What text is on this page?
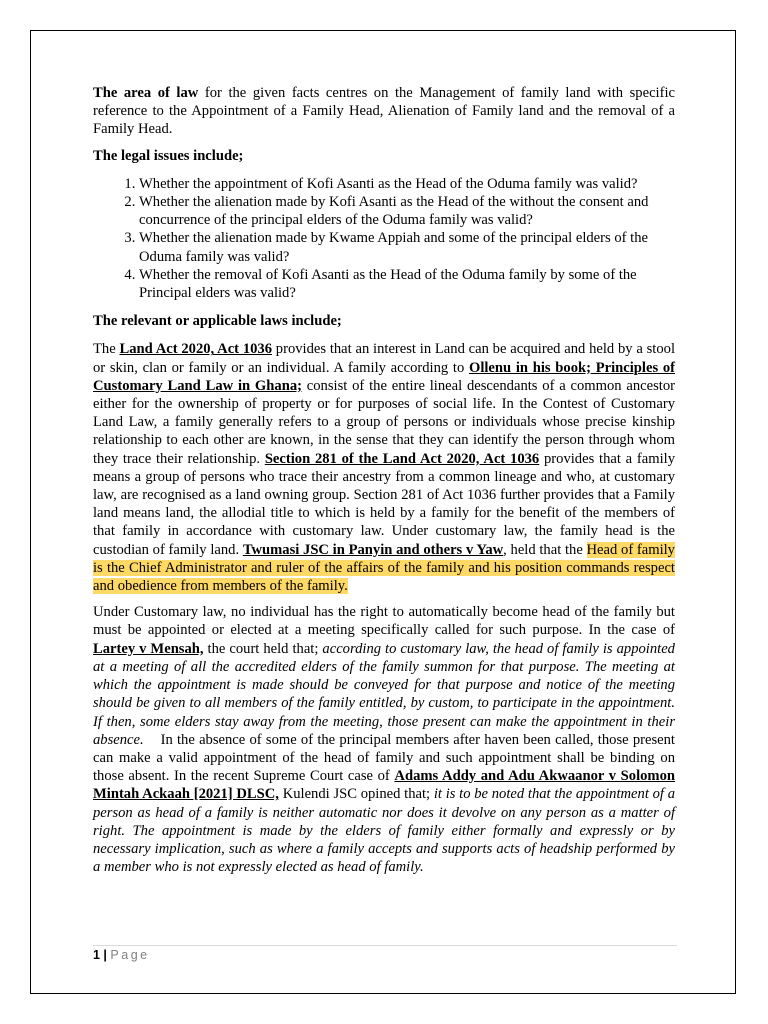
The area of law for the given facts centres on the Management of family land with specific reference to the Appointment of a Family Head, Alienation of Family land and the removal of a Family Head.

The legal issues include;

1. Whether the appointment of Kofi Asanti as the Head of the Oduma family was valid?
2. Whether the alienation made by Kofi Asanti as the Head of the without the consent and concurrence of the principal elders of the Oduma family was valid?
3. Whether the alienation made by Kwame Appiah and some of the principal elders of the Oduma family was valid?
4. Whether the removal of Kofi Asanti as the Head of the Oduma family by some of the Principal elders was valid?

The relevant or applicable laws include;

The Land Act 2020, Act 1036 provides that an interest in Land can be acquired and held by a stool or skin, clan or family or an individual. A family according to Ollenu in his book; Principles of Customary Land Law in Ghana; consist of the entire lineal descendants of a common ancestor either for the ownership of property or for purposes of social life. In the Contest of Customary Land Law, a family generally refers to a group of persons or individuals whose precise kinship relationship to each other are known, in the sense that they can identify the person through whom they trace their relationship. Section 281 of the Land Act 2020, Act 1036 provides that a family means a group of persons who trace their ancestry from a common lineage and who, at customary law, are recognised as a land owning group. Section 281 of Act 1036 further provides that a Family land means land, the allodial title to which is held by a family for the benefit of the members of that family in accordance with customary law. Under customary law, the family head is the custodian of family land. Twumasi JSC in Panyin and others v Yaw, held that the Head of family is the Chief Administrator and ruler of the affairs of the family and his position commands respect and obedience from members of the family.

Under Customary law, no individual has the right to automatically become head of the family but must be appointed or elected at a meeting specifically called for such purpose. In the case of Lartey v Mensah, the court held that; according to customary law, the head of family is appointed at a meeting of all the accredited elders of the family summon for that purpose. The meeting at which the appointment is made should be conveyed for that purpose and notice of the meeting should be given to all members of the family entitled, by custom, to participate in the appointment. If then, some elders stay away from the meeting, those present can make the appointment in their absence.    In the absence of some of the principal members after haven been called, those present can make a valid appointment of the head of family and such appointment shall be binding on those absent. In the recent Supreme Court case of Adams Addy and Adu Akwaanor v Solomon Mintah Ackaah [2021] DLSC, Kulendi JSC opined that; it is to be noted that the appointment of a person as head of a family is neither automatic nor does it devolve on any person as a matter of right. The appointment is made by the elders of family either formally and expressly or by necessary implication, such as where a family accepts and supports acts of headship performed by a member who is not expressly elected as head of family.

1 | Page
